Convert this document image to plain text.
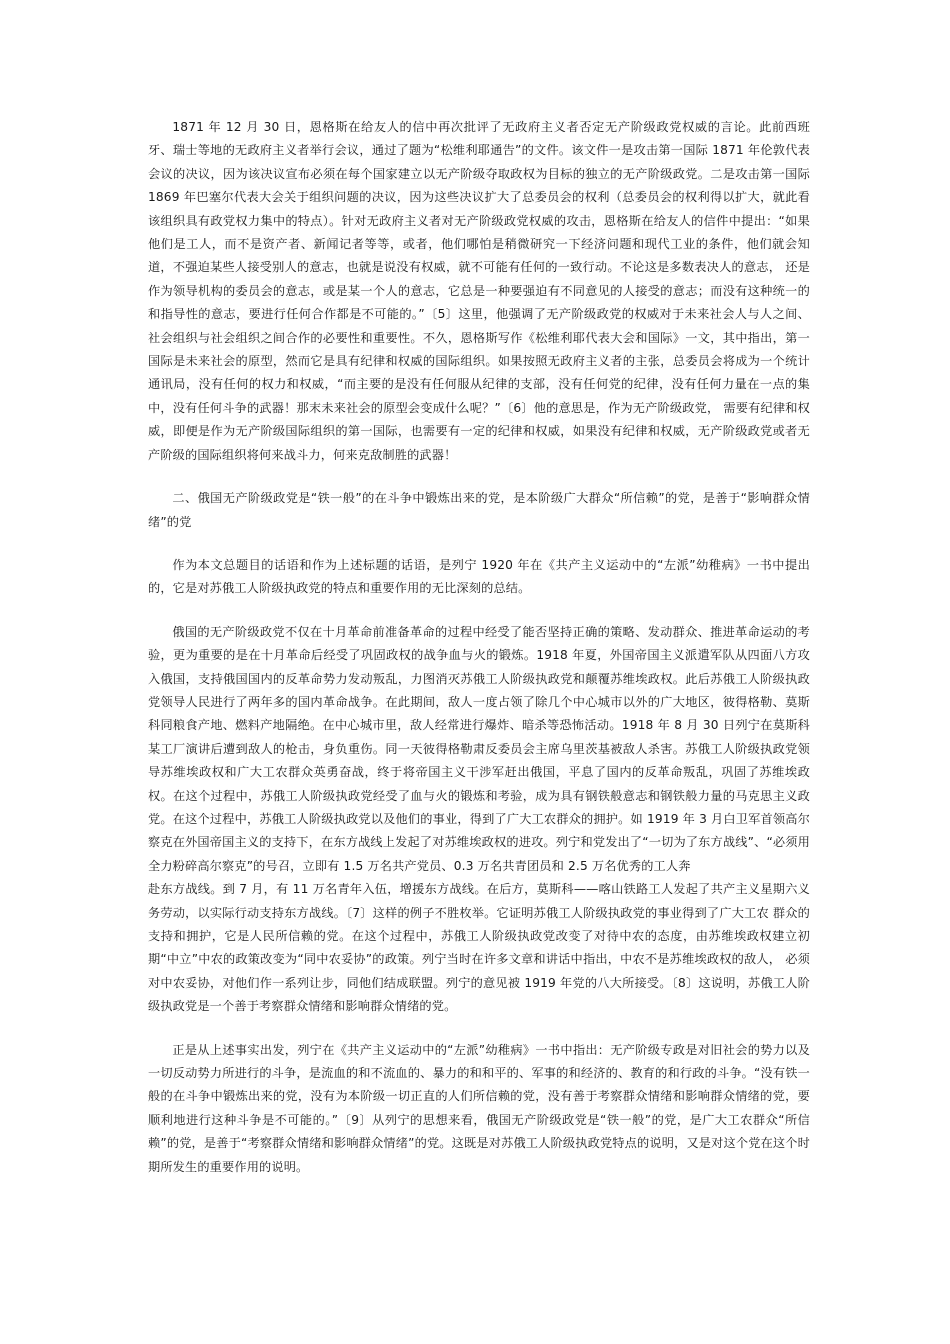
1871 年 12 月 30 日，恩格斯在给友人的信中再次批评了无政府主义者否定无产阶级政党权威的言论。此前西班牙、瑞士等地的无政府主义者举行会议，通过了题为“松维利耶通告”的文件。该文件一是攻击第一国际 1871 年伦敦代表会议的决议，因为该决议宣布必须在每个国家建立以无产阶级夺取政权为目标的独立的无产阶级政党。二是攻击第一国际 1869 年巴塞尔代表大会关于组织问题的决议，因为这些决议扩大了总委员会的权利（总委员会的权利得以扩大，就此看该组织具有政党权力集中的特点）。针对无政府主义者对无产阶级政党权威的攻击，恩格斯在给友人的信件中提出：“如果他们是工人，而不是资产者、新闻记者等等，或者，他们哪怕是稍微研究一下经济问题和现代工业的条件，他们就会知道，不强迫某些人接受别人的意志，也就是说没有权威，就不可能有任何的一致行动。不论这是多数表决人的意志， 还是作为领导机构的委员会的意志，或是某一个人的意志，它总是一种要强迫有不同意见的人接受的意志；而没有这种统一的和指导性的意志，要进行任何合作都是不可能的。”〔5〕这里，他强调了无产阶级政党的权威对于未来社会人与人之间、社会组织与社会组织之间合作的必要性和重要性。不久，恩格斯写作《松维利耶代表大会和国际》一文，其中指出，第一国际是未来社会的原型，然而它是具有纪律和权威的国际组织。如果按照无政府主义者的主张，总委员会将成为一个统计通讯局，没有任何的权力和权威，“而主要的是没有任何服从纪律的支部，没有任何党的纪律，没有任何力量在一点的集中，没有任何斗争的武器！那末未来社会的原型会变成什么呢？”〔6〕他的意思是，作为无产阶级政党， 需要有纪律和权威，即便是作为无产阶级国际组织的第一国际，也需要有一定的纪律和权威，如果没有纪律和权威，无产阶级政党或者无产阶级的国际组织将何来战斗力，何来克敌制胜的武器！

二、俄国无产阶级政党是“铁一般”的在斗争中锻炼出来的党，是本阶级广大群众“所信赖”的党，是善于“影响群众情绪”的党

作为本文总题目的话语和作为上述标题的话语，是列宁 1920 年在《共产主义运动中的“左派”幼稚病》一书中提出的，它是对苏俄工人阶级执政党的特点和重要作用的无比深刻的总结。

俄国的无产阶级政党不仅在十月革命前准备革命的过程中经受了能否坚持正确的策略、发动群众、推进革命运动的考验，更为重要的是在十月革命后经受了巩固政权的战争血与火的锻炼。1918 年夏，外国帝国主义派遣军队从四面八方攻入俄国，支持俄国国内的反革命势力发动叛乱，力图消灭苏俄工人阶级执政党和颠覆苏维埃政权。此后苏俄工人阶级执政党领导人民进行了两年多的国内革命战争。在此期间，敌人一度占领了除几个中心城市以外的广大地区，彼得格勒、莫斯科同粮食产地、燃料产地隔绝。在中心城市里，敌人经常进行爆炸、暗杀等恐怖活动。1918 年 8 月 30 日列宁在莫斯科某工厂演讲后遭到敌人的枪击，身负重伤。同一天彼得格勒肃反委员会主席乌里茨基被敌人杀害。苏俄工人阶级执政党领导苏维埃政权和广大工农群众英勇奋战，终于将帝国主义干涉军赶出俄国，平息了国内的反革命叛乱，巩固了苏维埃政权。在这个过程中，苏俄工人阶级执政党经受了血与火的锻炼和考验，成为具有钢铁般意志和钢铁般力量的马克思主义政党。在这个过程中，苏俄工人阶级执政党以及他们的事业，得到了广大工农群众的拥护。如 1919 年 3 月白卫军首领高尔察克在外国帝国主义的支持下，在东方战线上发起了对苏维埃政权的进攻。列宁和党发出了“一切为了东方战线”、“必须用全力粉碎高尔察克”的号召，立即有 1.5 万名共产党员、0.3 万名共青团员和 2.5 万名优秀的工人奔

赴东方战线。到 7 月，有 11 万名青年入伍，增援东方战线。在后方，莫斯科——喀山铁路工人发起了共产主义星期六义务劳动，以实际行动支持东方战线。〔7〕这样的例子不胜枚举。它证明苏俄工人阶级执政党的事业得到了广大工农 群众的支持和拥护，它是人民所信赖的党。在这个过程中，苏俄工人阶级执政党改变了对待中农的态度，由苏维埃政权建立初期“中立”中农的政策改变为“同中农妥协”的政策。列宁当时在许多文章和讲话中指出，中农不是苏维埃政权的敌人， 必须对中农妥协，对他们作一系列让步，同他们结成联盟。列宁的意见被 1919 年党的八大所接受。〔8〕这说明，苏俄工人阶级执政党是一个善于考察群众情绪和影响群众情绪的党。

正是从上述事实出发，列宁在《共产主义运动中的“左派”幼稚病》一书中指出：无产阶级专政是对旧社会的势力以及一切反动势力所进行的斗争，是流血的和不流血的、暴力的和和平的、军事的和经济的、教育的和行政的斗争。“没有铁一般的在斗争中锻炼出来的党，没有为本阶级一切正直的人们所信赖的党，没有善于考察群众情绪和影响群众情绪的党，要顺利地进行这种斗争是不可能的。”〔9〕从列宁的思想来看，俄国无产阶级政党是“铁一般”的党，是广大工农群众“所信赖”的党，是善于“考察群众情绪和影响群众情绪”的党。这既是对苏俄工人阶级执政党特点的说明，又是对这个党在这个时期所发生的重要作用的说明。
